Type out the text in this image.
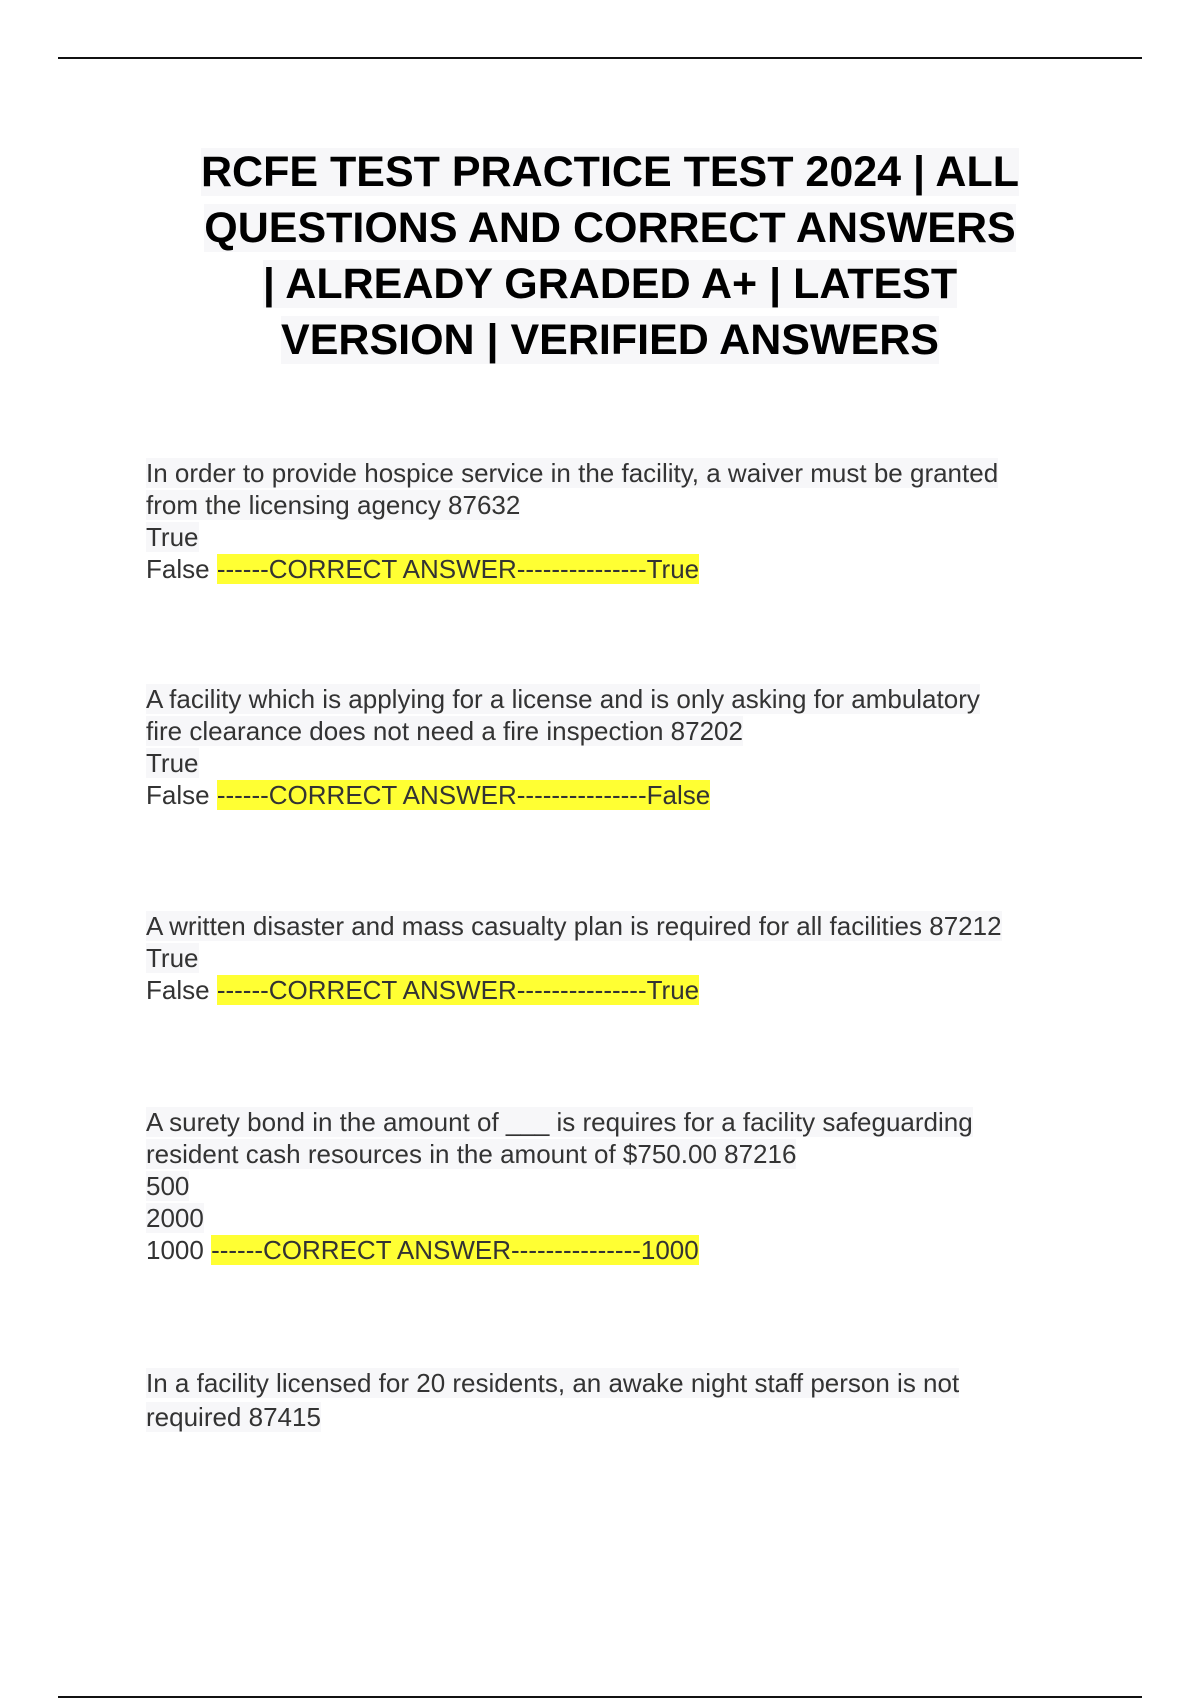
RCFE TEST PRACTICE TEST 2024 | ALL
QUESTIONS AND CORRECT ANSWERS
| ALREADY GRADED A+ | LATEST
VERSION | VERIFIED ANSWERS
In order to provide hospice service in the facility, a waiver must be granted
from the licensing agency 87632
True
False ------CORRECT ANSWER---------------True
A facility which is applying for a license and is only asking for ambulatory
fire clearance does not need a fire inspection 87202
True
False ------CORRECT ANSWER---------------False
A written disaster and mass casualty plan is required for all facilities 87212
True
False ------CORRECT ANSWER---------------True
A surety bond in the amount of ___ is requires for a facility safeguarding
resident cash resources in the amount of $750.00 87216
500
2000
1000 ------CORRECT ANSWER---------------1000
In a facility licensed for 20 residents, an awake night staff person is not
required 87415
